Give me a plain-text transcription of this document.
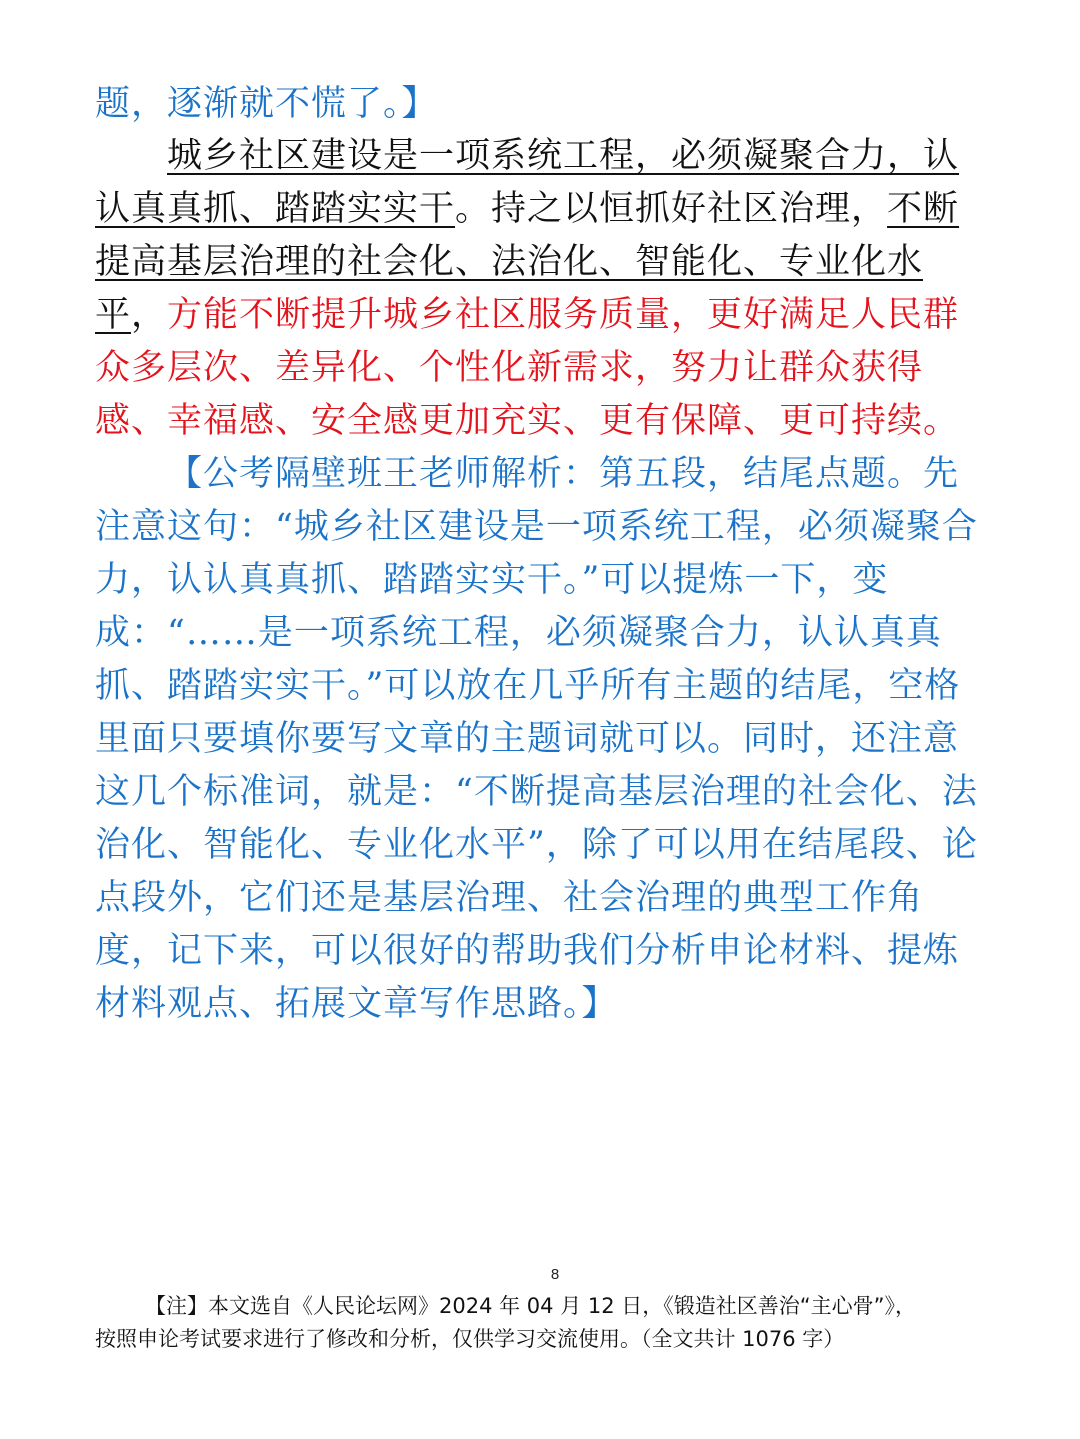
题，逐渐就不慌了。】

城乡社区建设是一项系统工程，必须凝聚合力，认认真真抓、踏踏实实干。持之以恒抓好社区治理，不断提高基层治理的社会化、法治化、智能化、专业化水平，方能不断提升城乡社区服务质量，更好满足人民群众多层次、差异化、个性化新需求，努力让群众获得感、幸福感、安全感更加充实、更有保障、更可持续。

【公考隔壁班王老师解析：第五段，结尾点题。先注意这句：“城乡社区建设是一项系统工程，必须凝聚合力，认认真真抓、踏踏实实干。”可以提炼一下，变成：“……是一项系统工程，必须凝聚合力，认认真真抓、踏踏实实干。”可以放在几乎所有主题的结尾，空格里面只要填你要写文章的主题词就可以。同时，还注意这几个标准词，就是：“不断提高基层治理的社会化、法治化、智能化、专业化水平”，除了可以用在结尾段、论点段外，它们还是基层治理、社会治理的典型工作角度，记下来，可以很好的帮助我们分析申论材料、提炼材料观点、拓展文章写作思路。】

8
【注】本文选自《人民论坛网》2024 年 04 月 12 日，《锻造社区善治“主心骨”》，
按照申论考试要求进行了修改和分析，仅供学习交流使用。（全文共计 1076 字）
